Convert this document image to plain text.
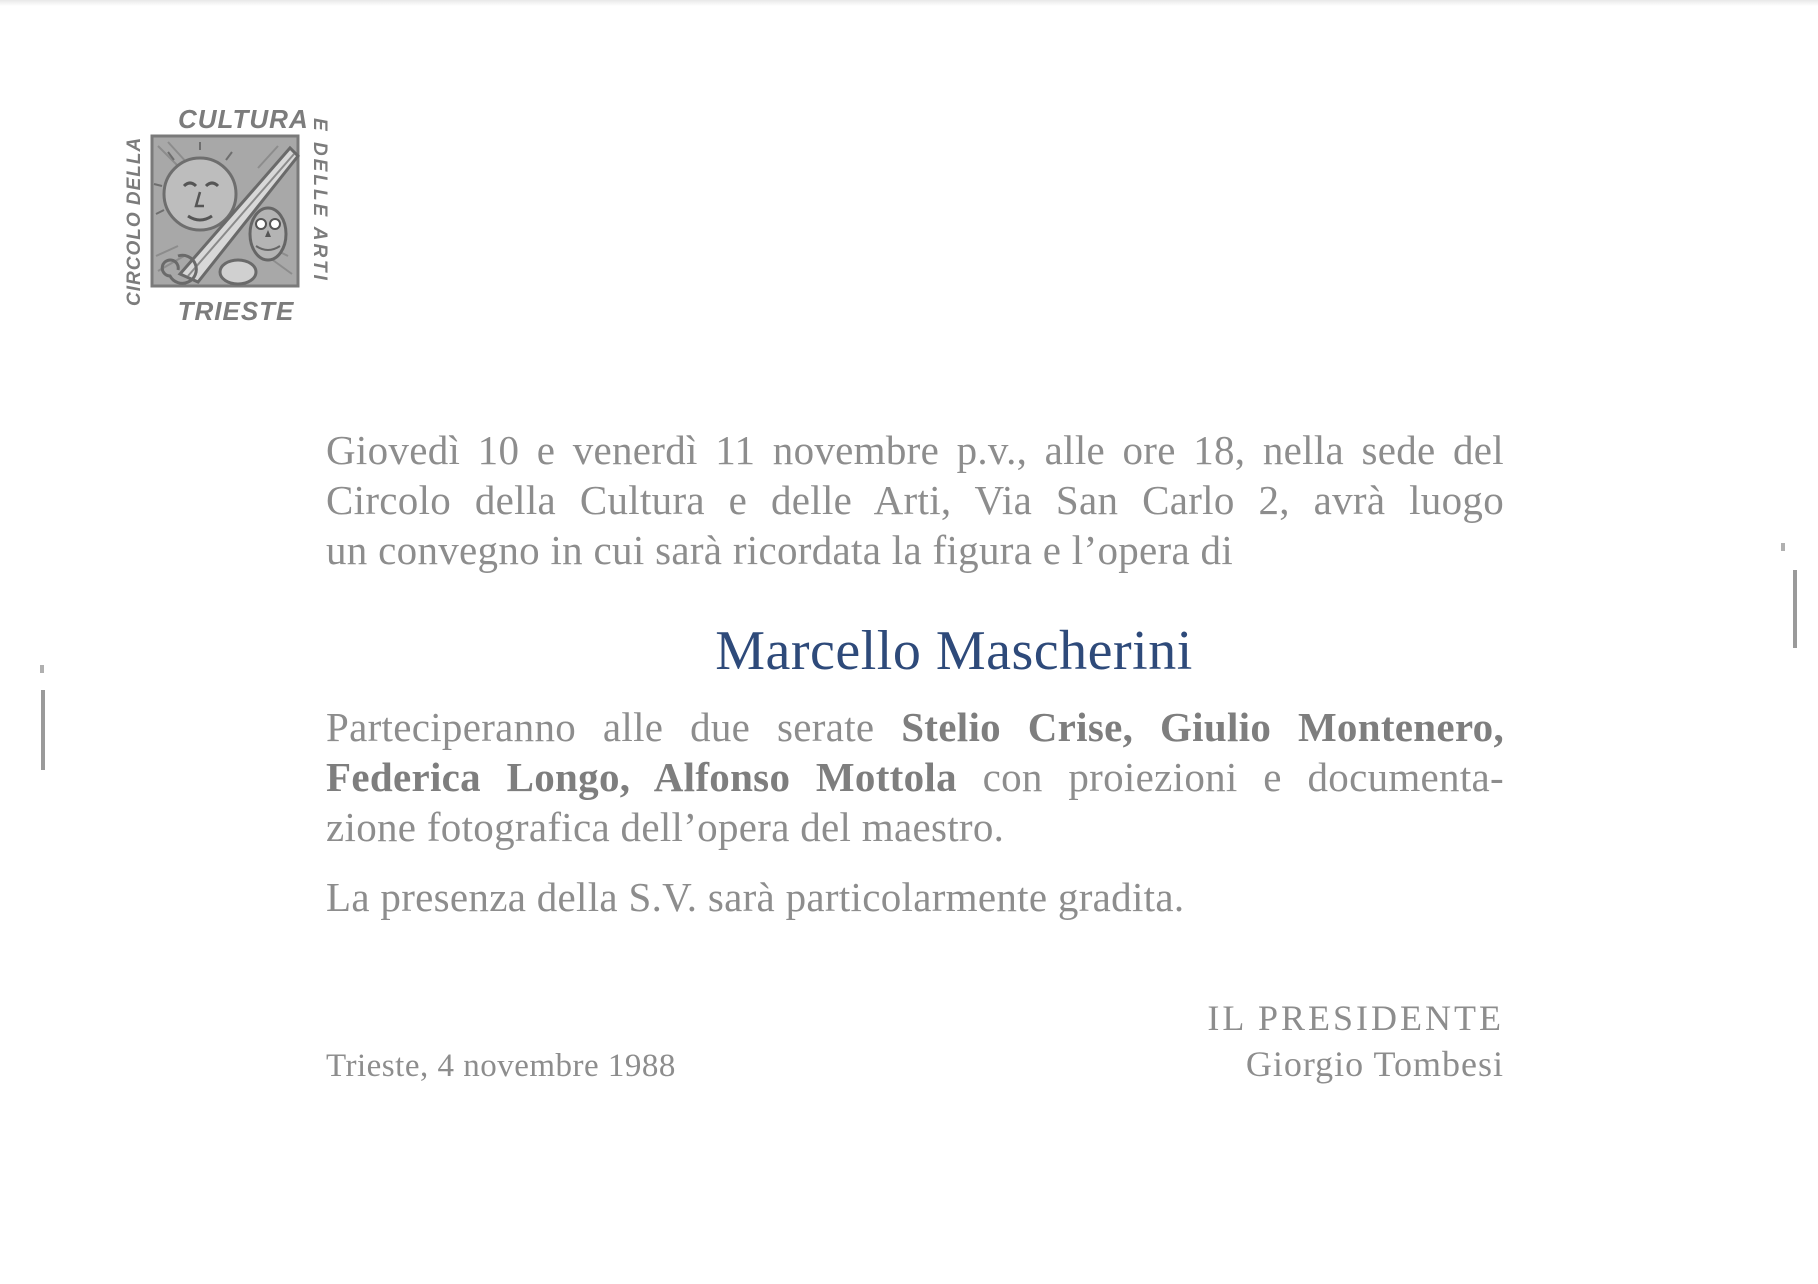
CULTURA
TRIESTE
CIRCOLO DELLA	E DELLE ARTI
Giovedì 10 e venerdì 11 novembre p.v., alle ore 18, nella sede del
Circolo della Cultura e delle Arti, Via San Carlo 2, avrà luogo
un convegno in cui sarà ricordata la figura e l’opera di
Marcello Mascherini
Parteciperanno alle due serate Stelio Crise, Giulio Montenero,
Federica Longo, Alfonso Mottola con proiezioni e documenta-
zione fotografica dell’opera del maestro.
La presenza della S.V. sarà particolarmente gradita.
IL PRESIDENTE
Giorgio Tombesi
Trieste, 4 novembre 1988
